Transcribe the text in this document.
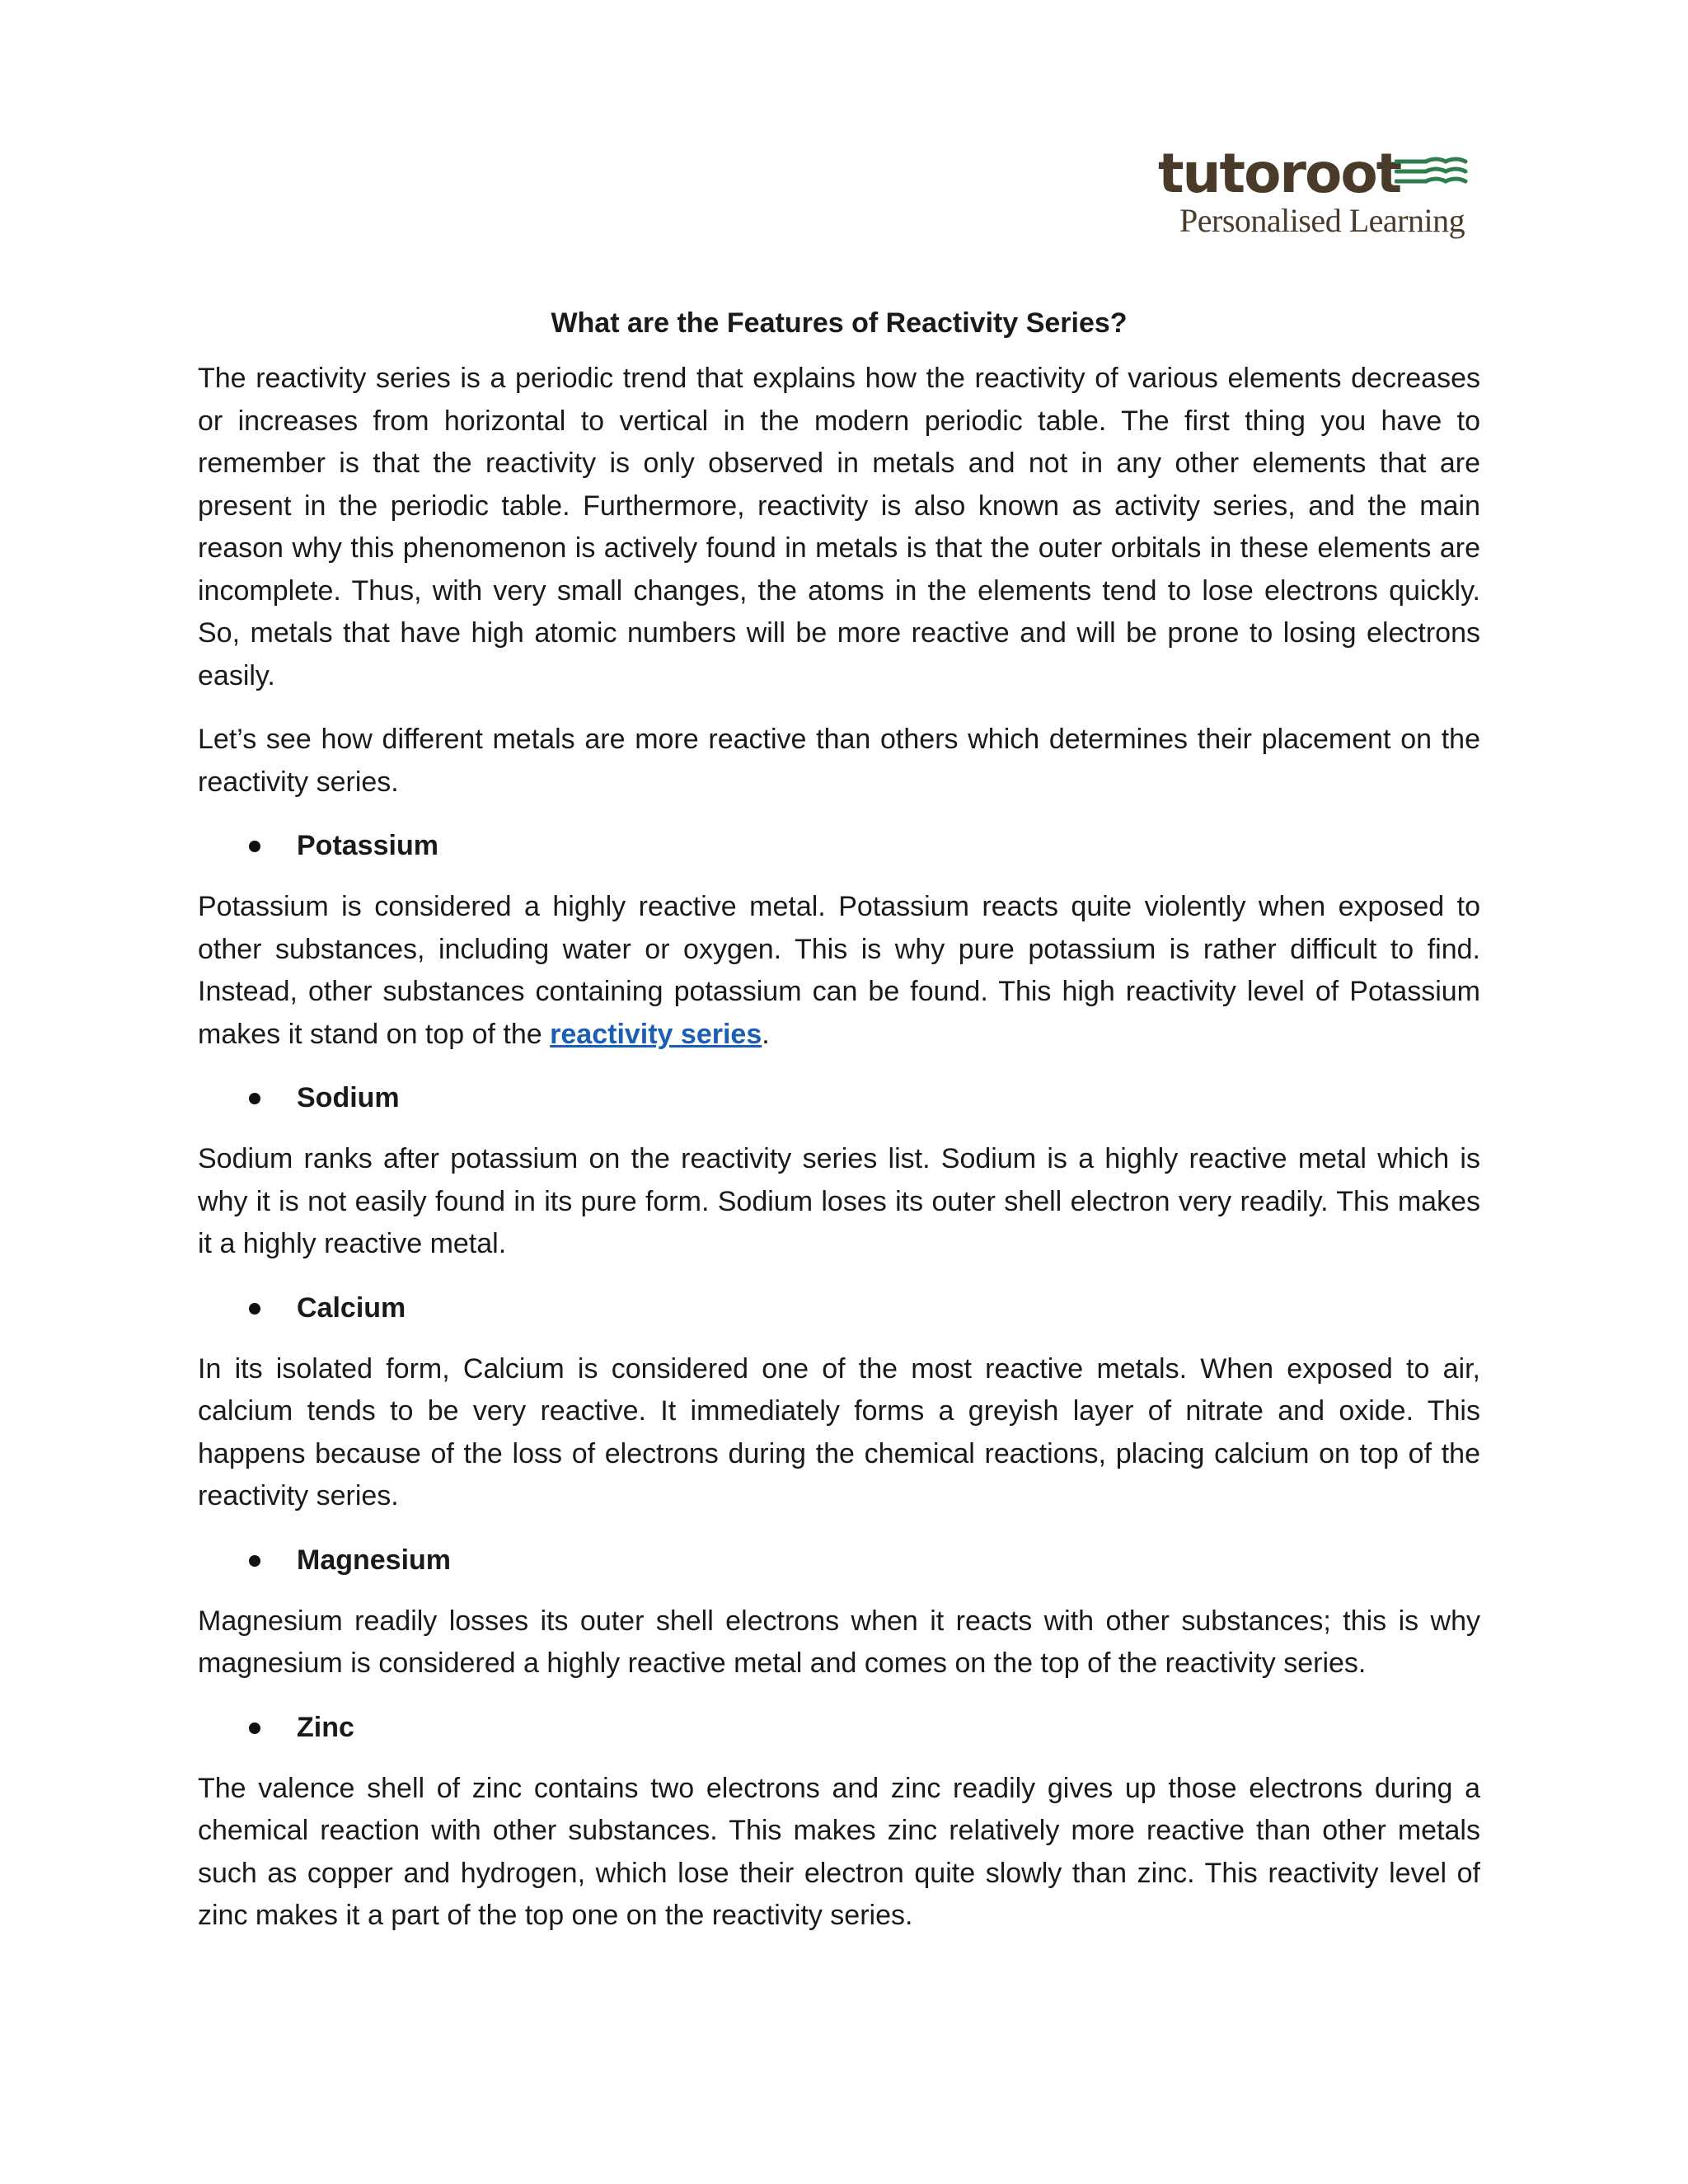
tutoroot
Personalised Learning
What are the Features of Reactivity Series?

The reactivity series is a periodic trend that explains how the reactivity of various elements decreases or increases from horizontal to vertical in the modern periodic table. The first thing you have to remember is that the reactivity is only observed in metals and not in any other elements that are present in the periodic table. Furthermore, reactivity is also known as activity series, and the main reason why this phenomenon is actively found in metals is that the outer orbitals in these elements are incomplete. Thus, with very small changes, the atoms in the elements tend to lose electrons quickly. So, metals that have high atomic numbers will be more reactive and will be prone to losing electrons easily.

Let’s see how different metals are more reactive than others which determines their placement on the reactivity series.

Potassium

Potassium is considered a highly reactive metal. Potassium reacts quite violently when exposed to other substances, including water or oxygen. This is why pure potassium is rather difficult to find. Instead, other substances containing potassium can be found. This high reactivity level of Potassium makes it stand on top of the reactivity series.

Sodium

Sodium ranks after potassium on the reactivity series list. Sodium is a highly reactive metal which is why it is not easily found in its pure form. Sodium loses its outer shell electron very readily. This makes it a highly reactive metal.

Calcium

In its isolated form, Calcium is considered one of the most reactive metals. When exposed to air, calcium tends to be very reactive. It immediately forms a greyish layer of nitrate and oxide. This happens because of the loss of electrons during the chemical reactions, placing calcium on top of the reactivity series.

Magnesium

Magnesium readily losses its outer shell electrons when it reacts with other substances; this is why magnesium is considered a highly reactive metal and comes on the top of the reactivity series.

Zinc

The valence shell of zinc contains two electrons and zinc readily gives up those electrons during a chemical reaction with other substances. This makes zinc relatively more reactive than other metals such as copper and hydrogen, which lose their electron quite slowly than zinc. This reactivity level of zinc makes it a part of the top one on the reactivity series.
